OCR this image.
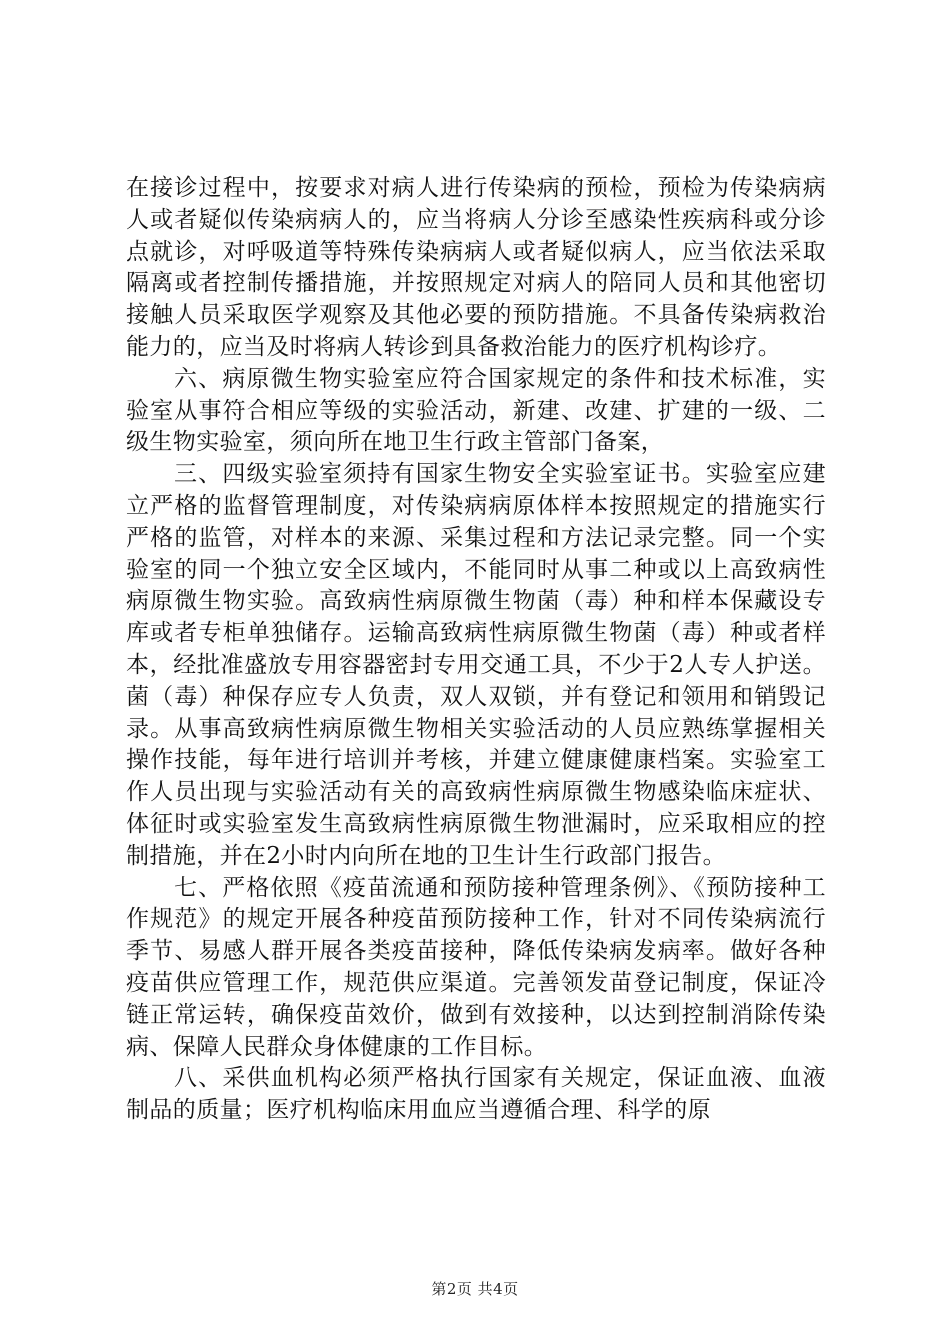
在接诊过程中，按要求对病人进行传染病的预检，预检为传染病病人或者疑似传染病病人的，应当将病人分诊至感染性疾病科或分诊点就诊，对呼吸道等特殊传染病病人或者疑似病人，应当依法采取隔离或者控制传播措施，并按照规定对病人的陪同人员和其他密切接触人员采取医学观察及其他必要的预防措施。不具备传染病救治能力的，应当及时将病人转诊到具备救治能力的医疗机构诊疗。

六、病原微生物实验室应符合国家规定的条件和技术标准，实验室从事符合相应等级的实验活动，新建、改建、扩建的一级、二级生物实验室，须向所在地卫生行政主管部门备案，

三、四级实验室须持有国家生物安全实验室证书。实验室应建立严格的监督管理制度，对传染病病原体样本按照规定的措施实行严格的监管，对样本的来源、采集过程和方法记录完整。同一个实验室的同一个独立安全区域内，不能同时从事二种或以上高致病性病原微生物实验。高致病性病原微生物菌（毒）种和样本保藏设专库或者专柜单独储存。运输高致病性病原微生物菌（毒）种或者样本，经批准盛放专用容器密封专用交通工具，不少于2人专人护送。菌（毒）种保存应专人负责，双人双锁，并有登记和领用和销毁记录。从事高致病性病原微生物相关实验活动的人员应熟练掌握相关操作技能，每年进行培训并考核，并建立健康健康档案。实验室工作人员出现与实验活动有关的高致病性病原微生物感染临床症状、体征时或实验室发生高致病性病原微生物泄漏时，应采取相应的控制措施，并在2小时内向所在地的卫生计生行政部门报告。

七、严格依照《疫苗流通和预防接种管理条例》、《预防接种工作规范》的规定开展各种疫苗预防接种工作，针对不同传染病流行季节、易感人群开展各类疫苗接种，降低传染病发病率。做好各种疫苗供应管理工作，规范供应渠道。完善领发苗登记制度，保证冷链正常运转，确保疫苗效价，做到有效接种，以达到控制消除传染病、保障人民群众身体健康的工作目标。

八、采供血机构必须严格执行国家有关规定，保证血液、血液制品的质量；医疗机构临床用血应当遵循合理、科学的原

第2页 共4页
